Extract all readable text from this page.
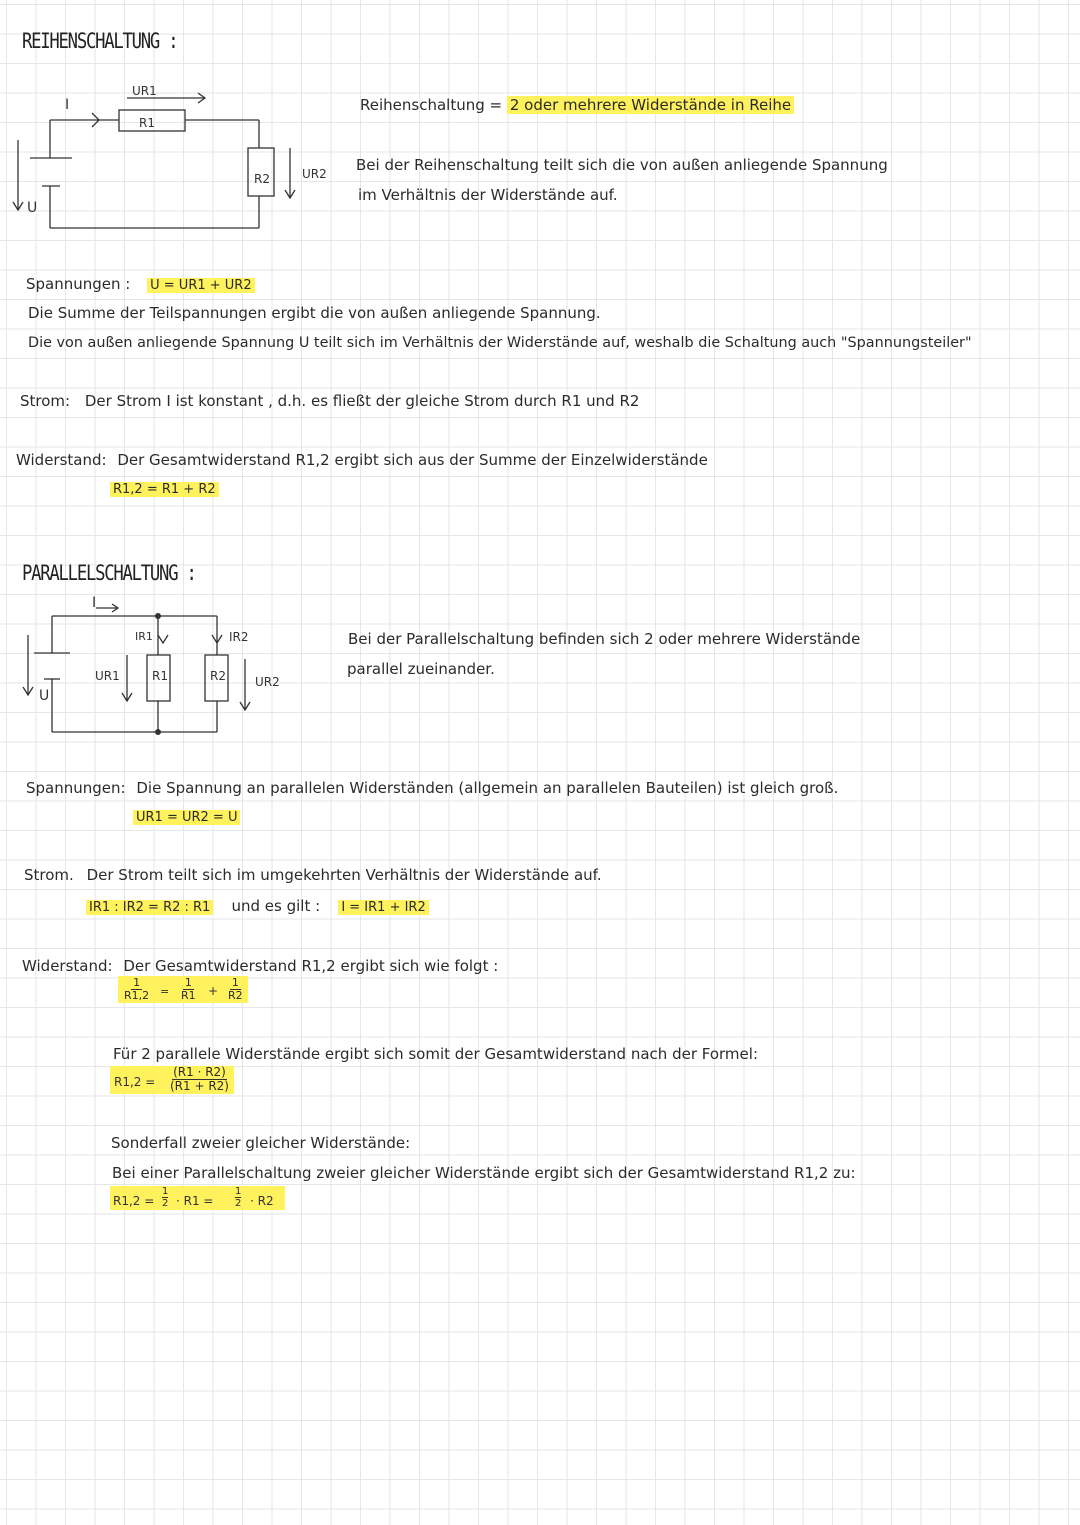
REIHENSCHALTUNG :
I
UR1
R1
R2	UR2
U
Reihenschaltung = 2 oder mehrere Widerstände in Reihe
Bei der Reihenschaltung teilt sich die von außen anliegende Spannung
im Verhältnis der Widerstände auf.
Spannungen : U = UR1 + UR2
Die Summe der Teilspannungen ergibt die von außen anliegende Spannung.
Die von außen anliegende Spannung U teilt sich im Verhältnis der Widerstände auf, weshalb die Schaltung auch "Spannungsteiler"
Strom: Der Strom I ist konstant , d.h. es fließt der gleiche Strom durch R1 und R2
Widerstand: Der Gesamtwiderstand R1,2 ergibt sich aus der Summe der Einzelwiderstände
R1,2 = R1 + R2
PARALLELSCHALTUNG :
I
IR1	IR2
UR1	R1	R2 UR2
U
Bei der Parallelschaltung befinden sich 2 oder mehrere Widerstände
parallel zueinander.
Spannungen: Die Spannung an parallelen Widerständen (allgemein an parallelen Bauteilen) ist gleich groß.
UR1 = UR2 = U
Strom. Der Strom teilt sich im umgekehrten Verhältnis der Widerstände auf.
IR1 : IR2 = R2 : R1 und es gilt : I = IR1 + IR2
Widerstand: Der Gesamtwiderstand R1,2 ergibt sich wie folgt :
$\frac{1}{R1,2} = \frac{1}{R1} + \frac{1}{R2}$
Für 2 parallele Widerstände ergibt sich somit der Gesamtwiderstand nach der Formel:
$R1,2 = \frac{(R1 \cdot R2)}{(R1 + R2)}$
Sonderfall zweier gleicher Widerstände:
Bei einer Parallelschaltung zweier gleicher Widerstände ergibt sich der Gesamtwiderstand R1,2 zu:
$R1,2 = \frac{1}{2} \cdot R1 = \frac{1}{2} \cdot R2$
